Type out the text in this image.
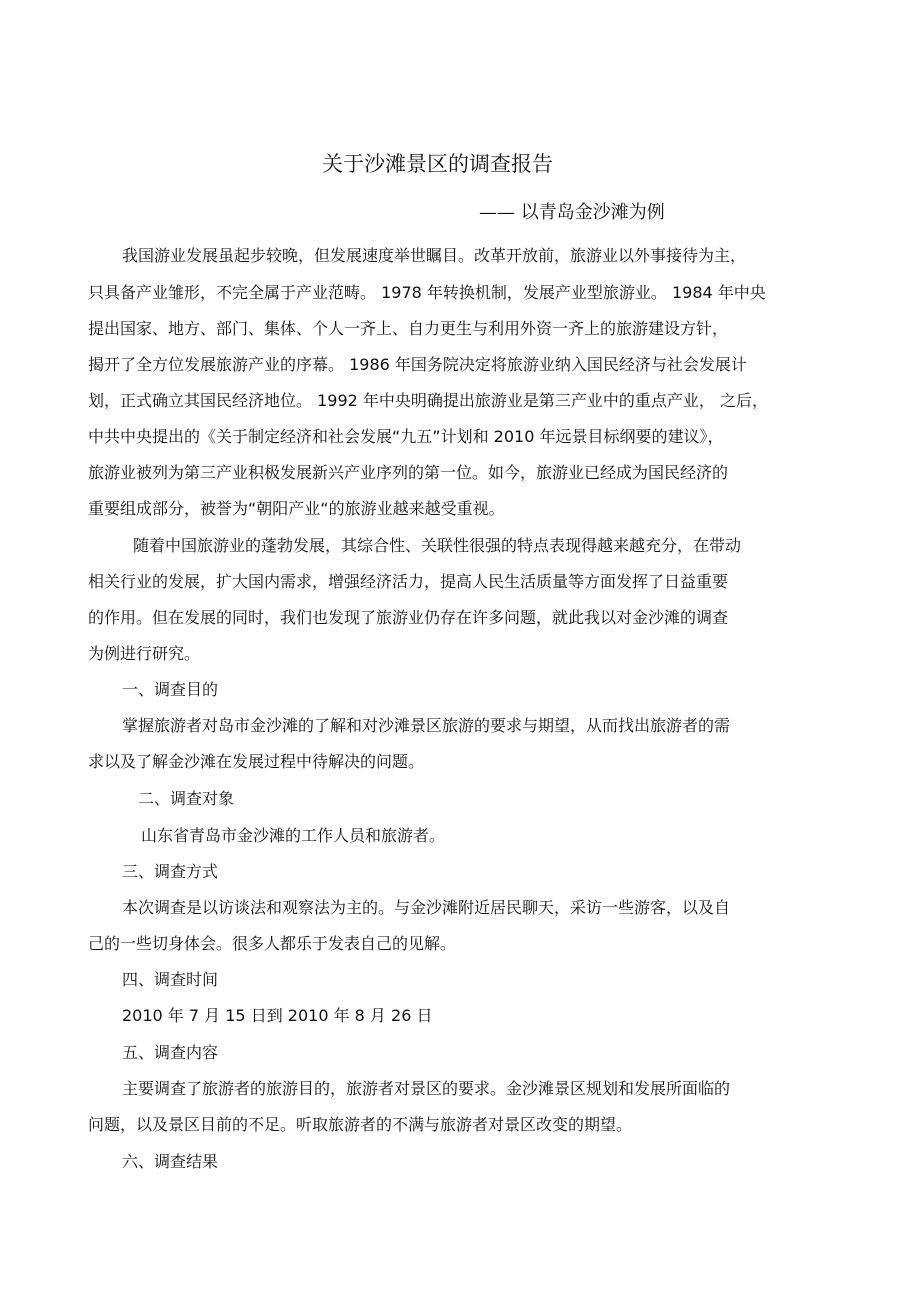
关于沙滩景区的调查报告
—— 以青岛金沙滩为例
我国游业发展虽起步较晚，但发展速度举世瞩目。改革开放前，旅游业以外事接待为主，
只具备产业雏形，不完全属于产业范畴。 1978 年转换机制，发展产业型旅游业。 1984 年中央
提出国家、地方、部门、集体、个人一齐上、自力更生与利用外资一齐上的旅游建设方针，
揭开了全方位发展旅游产业的序幕。 1986 年国务院决定将旅游业纳入国民经济与社会发展计
划，正式确立其国民经济地位。 1992 年中央明确提出旅游业是第三产业中的重点产业， 之后，
中共中央提出的《关于制定经济和社会发展“九五”计划和 2010 年远景目标纲要的建议》，
旅游业被列为第三产业积极发展新兴产业序列的第一位。如今，旅游业已经成为国民经济的
重要组成部分，被誉为“朝阳产业“的旅游业越来越受重视。
随着中国旅游业的蓬勃发展，其综合性、关联性很强的特点表现得越来越充分，在带动
相关行业的发展，扩大国内需求，增强经济活力，提高人民生活质量等方面发挥了日益重要
的作用。但在发展的同时，我们也发现了旅游业仍存在许多问题，就此我以对金沙滩的调查
为例进行研究。
一、调查目的
掌握旅游者对岛市金沙滩的了解和对沙滩景区旅游的要求与期望，从而找出旅游者的需
求以及了解金沙滩在发展过程中待解决的问题。
二、调查对象
山东省青岛市金沙滩的工作人员和旅游者。
三、调查方式
本次调查是以访谈法和观察法为主的。与金沙滩附近居民聊天，采访一些游客，以及自
己的一些切身体会。很多人都乐于发表自己的见解。
四、调查时间
2010 年 7 月 15 日到 2010 年 8 月 26 日
五、调查内容
主要调查了旅游者的旅游目的，旅游者对景区的要求。金沙滩景区规划和发展所面临的
问题，以及景区目前的不足。听取旅游者的不满与旅游者对景区改变的期望。
六、调查结果
